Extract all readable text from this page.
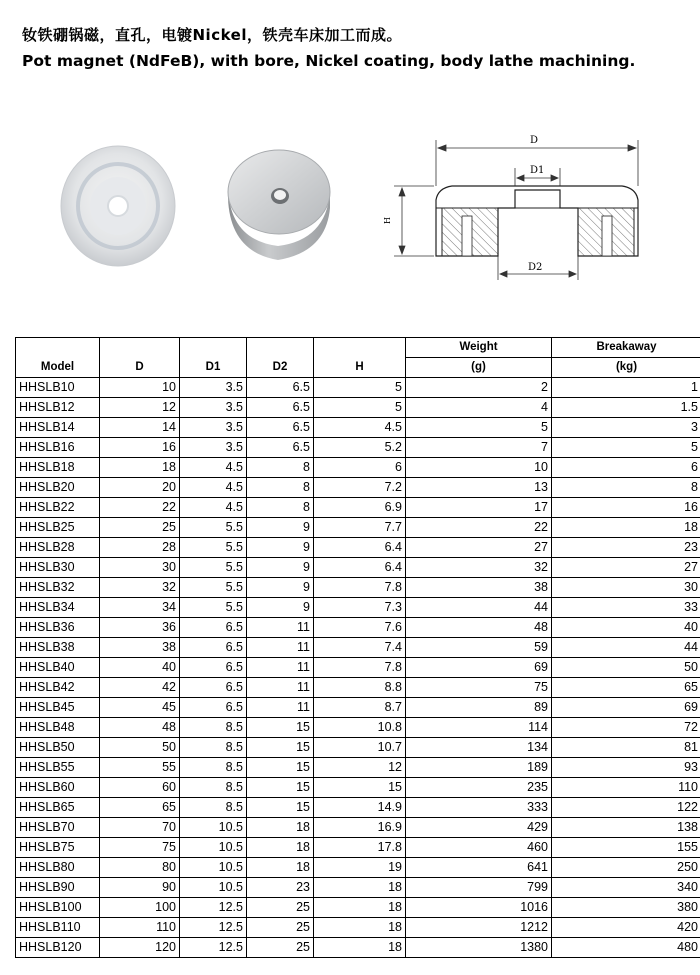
钕铁硼锅磁，直孔，电镀Nickel，铁壳车床加工而成。
Pot magnet (NdFeB), with bore, Nickel coating, body lathe machining.
D
D1
D2
H
Model	D	D1	D2	H	Weight	Breakaway
					(g)	(kg)
HHSLB10	10	3.5	6.5	5	2	1
HHSLB12	12	3.5	6.5	5	4	1.5
HHSLB14	14	3.5	6.5	4.5	5	3
HHSLB16	16	3.5	6.5	5.2	7	5
HHSLB18	18	4.5	8	6	10	6
HHSLB20	20	4.5	8	7.2	13	8
HHSLB22	22	4.5	8	6.9	17	16
HHSLB25	25	5.5	9	7.7	22	18
HHSLB28	28	5.5	9	6.4	27	23
HHSLB30	30	5.5	9	6.4	32	27
HHSLB32	32	5.5	9	7.8	38	30
HHSLB34	34	5.5	9	7.3	44	33
HHSLB36	36	6.5	11	7.6	48	40
HHSLB38	38	6.5	11	7.4	59	44
HHSLB40	40	6.5	11	7.8	69	50
HHSLB42	42	6.5	11	8.8	75	65
HHSLB45	45	6.5	11	8.7	89	69
HHSLB48	48	8.5	15	10.8	114	72
HHSLB50	50	8.5	15	10.7	134	81
HHSLB55	55	8.5	15	12	189	93
HHSLB60	60	8.5	15	15	235	110
HHSLB65	65	8.5	15	14.9	333	122
HHSLB70	70	10.5	18	16.9	429	138
HHSLB75	75	10.5	18	17.8	460	155
HHSLB80	80	10.5	18	19	641	250
HHSLB90	90	10.5	23	18	799	340
HHSLB100	100	12.5	25	18	1016	380
HHSLB110	110	12.5	25	18	1212	420
HHSLB120	120	12.5	25	18	1380	480
